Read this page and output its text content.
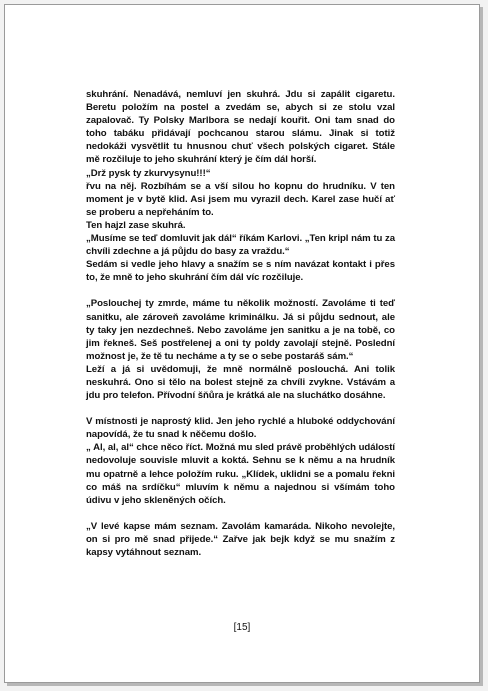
skuhrání. Nenadává, nemluví jen skuhrá. Jdu si zapálit cigaretu. Beretu položím na postel a zvedám se, abych si ze stolu vzal zapalovač. Ty Polsky Marlbora se nedají kouřit. Oni tam snad do toho tabáku přidávají pochcanou starou slámu. Jinak si totiž nedokáži vysvětlit tu hnusnou chuť všech polských cigaret. Stále mě rozčiluje to jeho skuhrání který je čím dál horší.

„Drž pysk ty zkurvysynu!!!“

řvu na něj. Rozbíhám se a vší silou ho kopnu do hrudníku. V ten moment je v bytě klid. Asi jsem mu vyrazil dech. Karel zase hučí ať se proberu a nepřeháním to.

Ten hajzl zase skuhrá.

„Musíme se teď domluvit jak dál“ říkám Karlovi. „Ten kripl nám tu za chvíli zdechne a já půjdu do basy za vraždu.“

Sedám si vedle jeho hlavy a snažím se s ním navázat kontakt i přes to, že mně to jeho skuhrání čím dál víc rozčiluje.

„Poslouchej ty zmrde, máme tu několik možností. Zavoláme ti teď sanitku, ale zároveň zavoláme kriminálku. Já si půjdu sednout, ale ty taky jen nezdechneš. Nebo zavoláme jen sanitku a je na tobě, co jim řekneš. Seš postřelenej a oni ty poldy zavolají stejně. Poslední možnost je, že tě tu necháme a ty se o sebe postaráš sám.“

Leží a já si uvědomuji, že mně normálně poslouchá. Ani tolik neskuhrá. Ono si tělo na bolest stejně za chvíli zvykne. Vstávám a jdu pro telefon. Přívodní šňůra je krátká ale na sluchátko dosáhne.

V místnosti je naprostý klid. Jen jeho rychlé a hluboké oddychování napovídá, že tu snad k něčemu došlo.

„ Al, al, al“ chce něco říct. Možná mu sled právě proběhlých událostí nedovoluje souvisle mluvit a koktá. Sehnu se k němu a na hrudník mu opatrně a lehce položím ruku. „Klídek, uklidni se a pomalu řekni co máš na srdíčku“ mluvím k němu a najednou si všímám toho údivu v jeho skleněných očích.

„V levé kapse mám seznam. Zavolám kamaráda. Nikoho nevolejte, on si pro mě snad přijede.“ Zařve jak bejk když se mu snažím z kapsy vytáhnout seznam.

[15]
